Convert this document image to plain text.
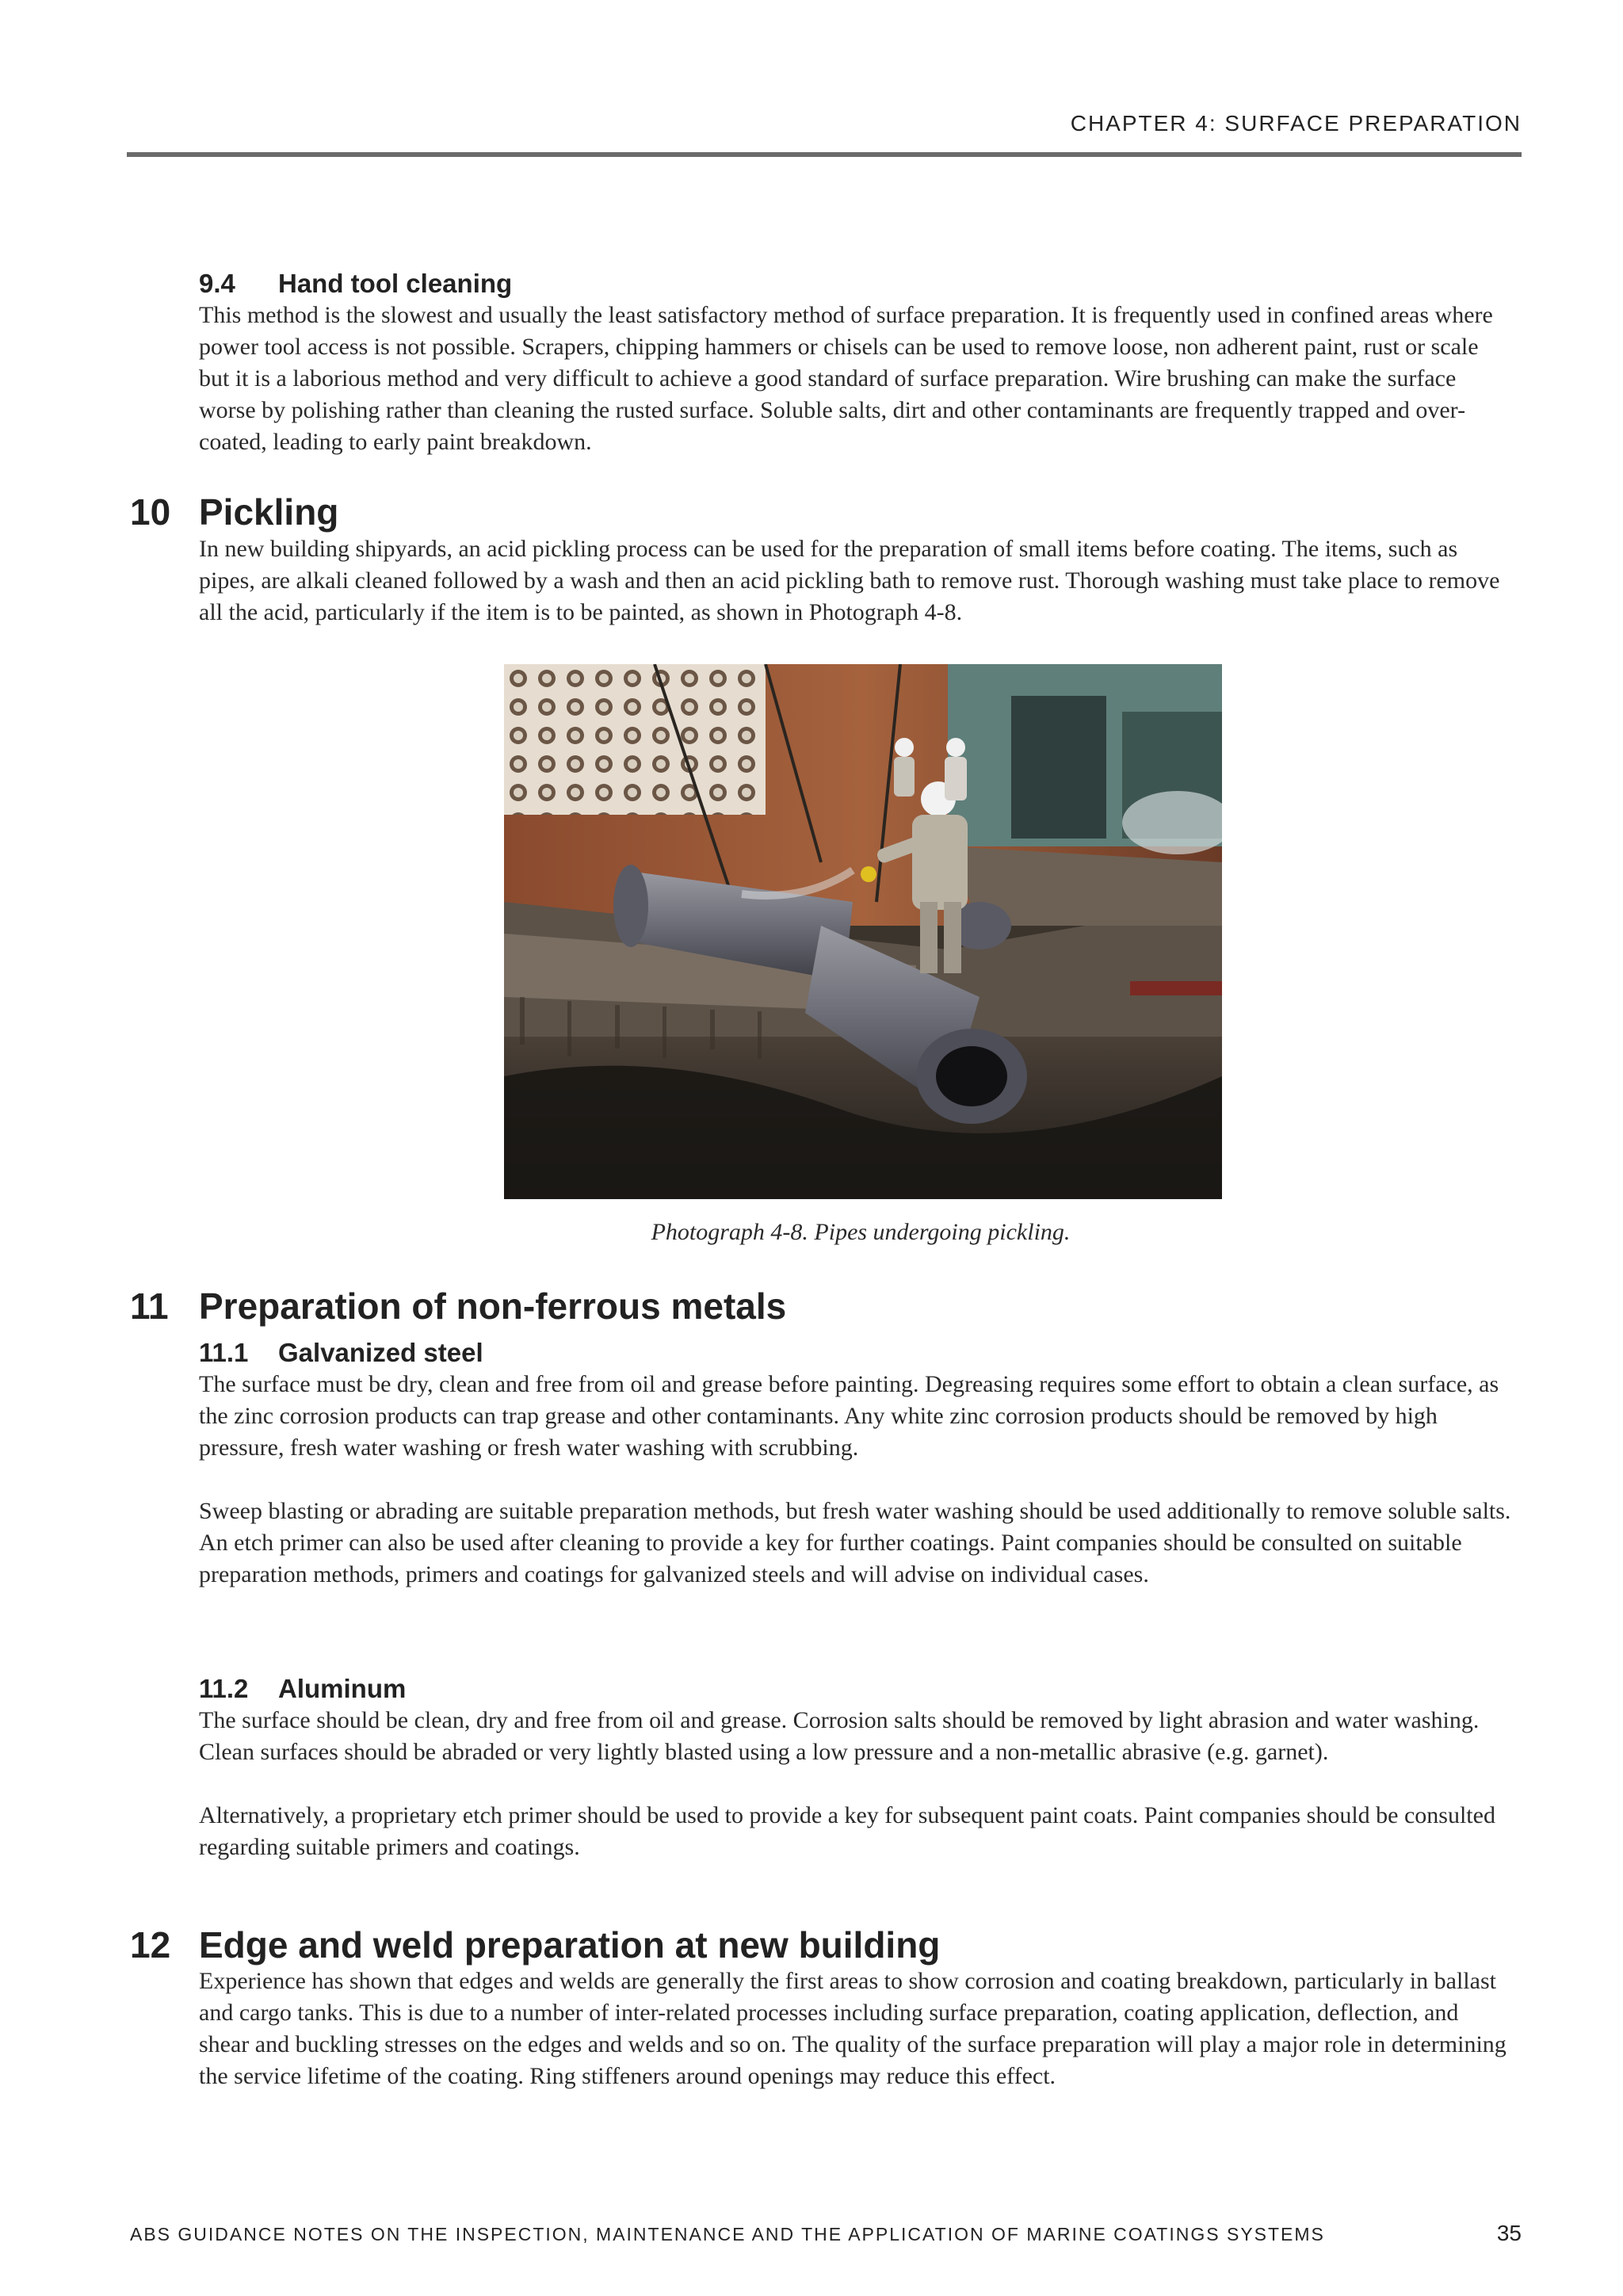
CHAPTER 4: SURFACE PREPARATION
9.4	Hand tool cleaning

This method is the slowest and usually the least satisfactory method of surface preparation. It is frequently used in confined areas where power tool access is not possible. Scrapers, chipping hammers or chisels can be used to remove loose, non adherent paint, rust or scale but it is a laborious method and very difficult to achieve a good standard of surface preparation. Wire brushing can make the surface worse by polishing rather than cleaning the rusted surface. Soluble salts, dirt and other contaminants are frequently trapped and over-coated, leading to early paint breakdown.

10 Pickling

In new building shipyards, an acid pickling process can be used for the preparation of small items before coating. The items, such as pipes, are alkali cleaned followed by a wash and then an acid pickling bath to remove rust. Thorough washing must take place to remove all the acid, particularly if the item is to be painted, as shown in Photograph 4-8.

Photograph 4-8. Pipes undergoing pickling.
11 Preparation of non-ferrous metals
11.1	Galvanized steel

The surface must be dry, clean and free from oil and grease before painting. Degreasing requires some effort to obtain a clean surface, as the zinc corrosion products can trap grease and other contaminants. Any white zinc corrosion products should be removed by high pressure, fresh water washing or fresh water washing with scrubbing.

Sweep blasting or abrading are suitable preparation methods, but fresh water washing should be used additionally to remove soluble salts. An etch primer can also be used after cleaning to provide a key for further coatings. Paint companies should be consulted on suitable preparation methods, primers and coatings for galvanized steels and will advise on individual cases.

11.2	Aluminum

The surface should be clean, dry and free from oil and grease. Corrosion salts should be removed by light abrasion and water washing. Clean surfaces should be abraded or very lightly blasted using a low pressure and a non-metallic abrasive (e.g. garnet).

Alternatively, a proprietary etch primer should be used to provide a key for subsequent paint coats. Paint companies should be consulted regarding suitable primers and coatings.

12 Edge and weld preparation at new building

Experience has shown that edges and welds are generally the first areas to show corrosion and coating breakdown, particularly in ballast and cargo tanks. This is due to a number of inter-related processes including surface preparation, coating application, deflection, and shear and buckling stresses on the edges and welds and so on. The quality of the surface preparation will play a major role in determining the service lifetime of the coating. Ring stiffeners around openings may reduce this effect.

ABS GUIDANCE NOTES ON THE INSPECTION, MAINTENANCE AND THE APPLICATION OF MARINE COATINGS SYSTEMS	35
